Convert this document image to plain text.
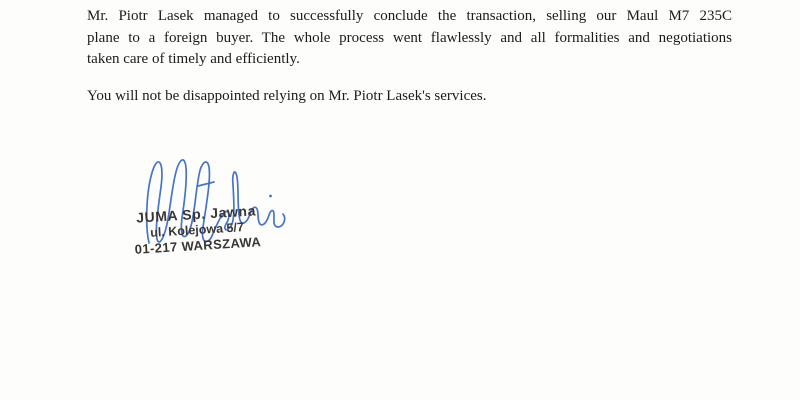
Mr. Piotr Lasek managed to successfully conclude the transaction, selling our Maul M7 235C
plane to a foreign buyer. The whole process went flawlessly and all formalities and negotiations
taken care of timely and efficiently.

You will not be disappointed relying on Mr. Piotr Lasek's services.

JUMA Sp. Jawna
ul. Kolejowa 5/7
01-217 WARSZAWA
